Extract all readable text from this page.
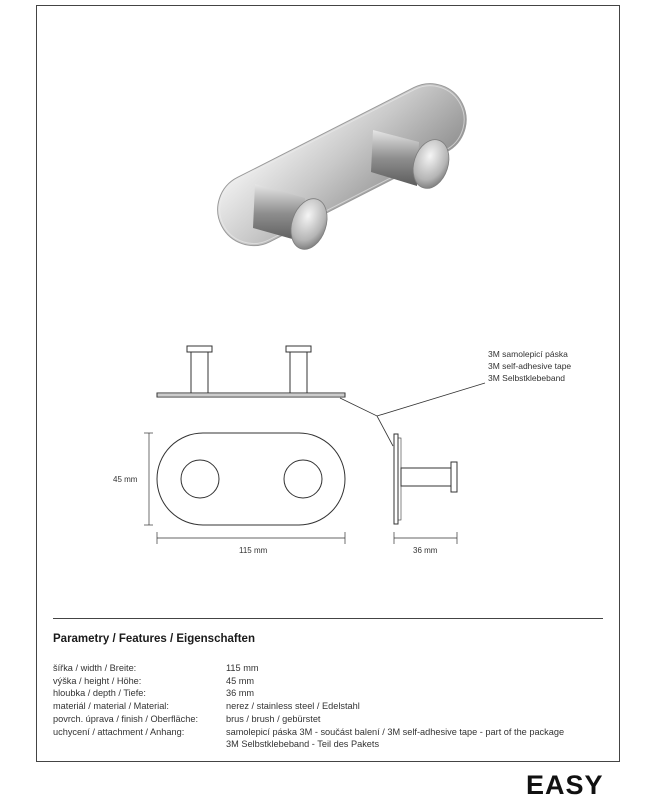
45 mm
115 mm	36 mm
3M samolepicí páska
3M self-adhesive tape
3M Selbstklebeband
Parametry / Features / Eigenschaften
šířka / width / Breite:	115 mm
výška / height / Höhe:	45 mm
hloubka / depth / Tiefe:	36 mm
materiál / material / Material:	nerez / stainless steel / Edelstahl
povrch. úprava / finish / Oberfläche:	brus / brush / gebürstet
uchycení / attachment / Anhang:	samolepicí páska 3M - součást balení / 3M self-adhesive tape - part of the package
	3M Selbstklebeband - Teil des Pakets
EASY
